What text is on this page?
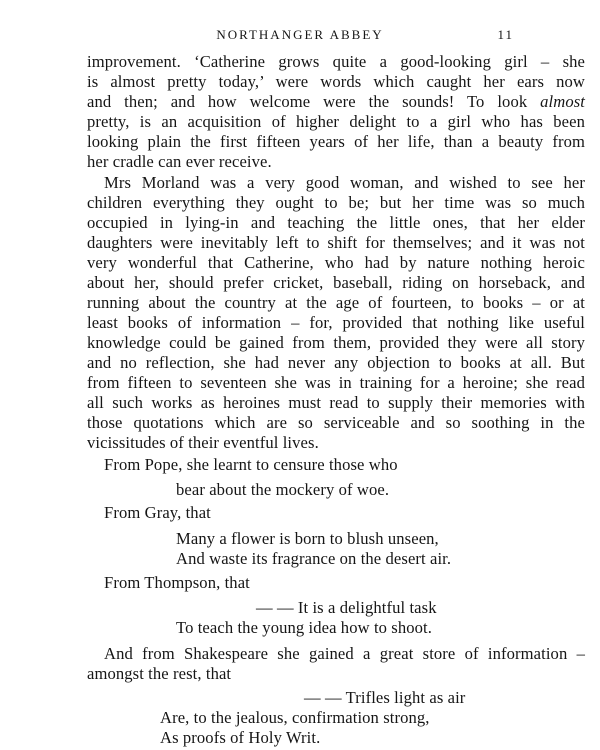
NORTHANGER ABBEY	11

improvement. ‘Catherine grows quite a good-looking girl – she

is almost pretty today,’ were words which caught her ears now

and then; and how welcome were the sounds! To look almost

pretty, is an acquisition of higher delight to a girl who has been

looking plain the first fifteen years of her life, than a beauty from

her cradle can ever receive.

Mrs Morland was a very good woman, and wished to see her

children everything they ought to be; but her time was so much

occupied in lying-in and teaching the little ones, that her elder

daughters were inevitably left to shift for themselves; and it was not

very wonderful that Catherine, who had by nature nothing heroic

about her, should prefer cricket, baseball, riding on horseback, and

running about the country at the age of fourteen, to books – or at

least books of information – for, provided that nothing like useful

knowledge could be gained from them, provided they were all story

and no reflection, she had never any objection to books at all. But

from fifteen to seventeen she was in training for a heroine; she read

all such works as heroines must read to supply their memories with

those quotations which are so serviceable and so soothing in the

vicissitudes of their eventful lives.

From Pope, she learnt to censure those who

bear about the mockery of woe.

From Gray, that

Many a flower is born to blush unseen,

And waste its fragrance on the desert air.

From Thompson, that

— — It is a delightful task

To teach the young idea how to shoot.

And from Shakespeare she gained a great store of information –

amongst the rest, that

— — Trifles light as air

Are, to the jealous, confirmation strong,

As proofs of Holy Writ.
